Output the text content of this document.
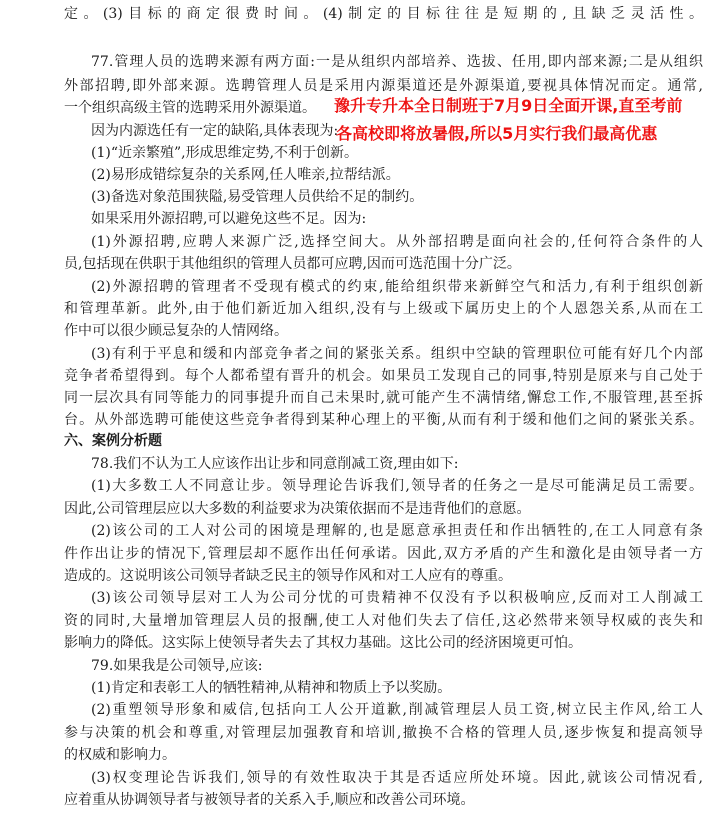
定。(3)目标的商定很费时间。(4)制定的目标往往是短期的,且缺乏灵活性。
77.管理人员的选聘来源有两方面:一是从组织内部培养、选拔、任用,即内部来源;二是从组织
外部招聘,即外部来源。选聘管理人员是采用内源渠道还是外源渠道,要视具体情况而定。通常,
一个组织高级主管的选聘采用外源渠道。
因为内源选任有一定的缺陷,具体表现为:
(1)“近亲繁殖”,形成思维定势,不利于创新。
(2)易形成错综复杂的关系网,任人唯亲,拉帮结派。
(3)备选对象范围狭隘,易受管理人员供给不足的制约。
如果采用外源招聘,可以避免这些不足。因为:
(1)外源招聘,应聘人来源广泛,选择空间大。从外部招聘是面向社会的,任何符合条件的人
员,包括现在供职于其他组织的管理人员都可应聘,因而可选范围十分广泛。
(2)外源招聘的管理者不受现有模式的约束,能给组织带来新鲜空气和活力,有利于组织创新
和管理革新。此外,由于他们新近加入组织,没有与上级或下属历史上的个人恩怨关系,从而在工
作中可以很少顾忌复杂的人情网络。
(3)有利于平息和缓和内部竞争者之间的紧张关系。组织中空缺的管理职位可能有好几个内部
竞争者希望得到。每个人都希望有晋升的机会。如果员工发现自己的同事,特别是原来与自己处于
同一层次具有同等能力的同事提升而自己未果时,就可能产生不满情绪,懈怠工作,不服管理,甚至拆
台。从外部选聘可能使这些竞争者得到某种心理上的平衡,从而有利于缓和他们之间的紧张关系。
六、案例分析题
78.我们不认为工人应该作出让步和同意削减工资,理由如下:
(1)大多数工人不同意让步。领导理论告诉我们,领导者的任务之一是尽可能满足员工需要。
因此,公司管理层应以大多数的利益要求为决策依据而不是违背他们的意愿。
(2)该公司的工人对公司的困境是理解的,也是愿意承担责任和作出牺牲的,在工人同意有条
件作出让步的情况下,管理层却不愿作出任何承诺。因此,双方矛盾的产生和激化是由领导者一方
造成的。这说明该公司领导者缺乏民主的领导作风和对工人应有的尊重。
(3)该公司领导层对工人为公司分忧的可贵精神不仅没有予以积极响应,反而对工人削减工
资的同时,大量增加管理层人员的报酬,使工人对他们失去了信任,这必然带来领导权威的丧失和
影响力的降低。这实际上使领导者失去了其权力基础。这比公司的经济困境更可怕。
79.如果我是公司领导,应该:
(1)肯定和表彰工人的牺牲精神,从精神和物质上予以奖励。
(2)重塑领导形象和威信,包括向工人公开道歉,削减管理层人员工资,树立民主作风,给工人
参与决策的机会和尊重,对管理层加强教育和培训,撤换不合格的管理人员,逐步恢复和提高领导
的权威和影响力。
(3)权变理论告诉我们,领导的有效性取决于其是否适应所处环境。因此,就该公司情况看,
应着重从协调领导者与被领导者的关系入手,顺应和改善公司环境。
豫升专升本全日制班于7月9日全面开课,直至考前
各高校即将放暑假,所以5月实行我们最高优惠
